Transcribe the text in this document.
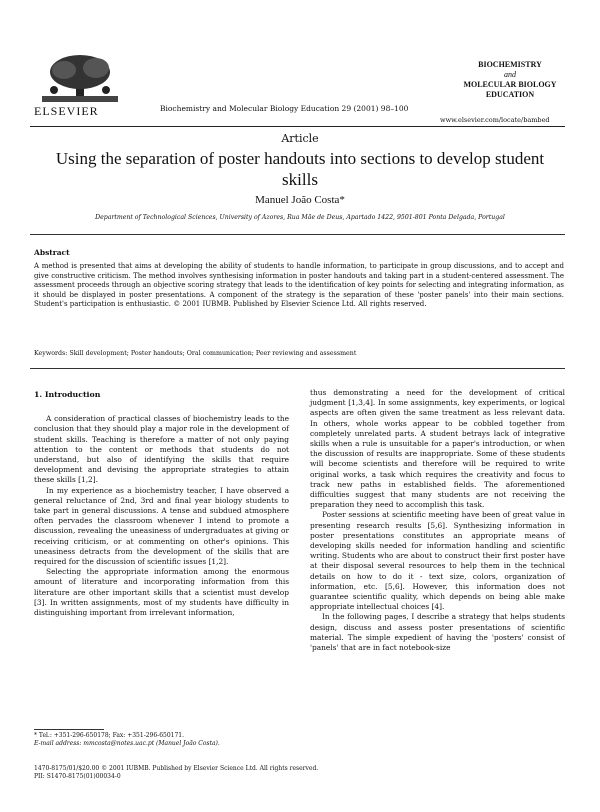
ELSEVIER	Biochemistry and Molecular Biology Education 29 (2001) 98–100
BIOCHEMISTRY
and
MOLECULAR BIOLOGY
EDUCATION
www.elsevier.com/locate/bambed
Article
Using the separation of poster handouts into sections to develop student skills
Manuel João Costa*
Department of Technological Sciences, University of Azores, Rua Mãe de Deus, Apartado 1422, 9501-801 Ponta Delgada, Portugal
Abstract
A method is presented that aims at developing the ability of students to handle information, to participate in group discussions, and to accept and give constructive criticism. The method involves synthesising information in poster handouts and taking part in a student-centered assessment. The assessment proceeds through an objective scoring strategy that leads to the identification of key points for selecting and integrating information, as it should be displayed in poster presentations. A component of the strategy is the separation of these 'poster panels' into their main sections. Student's participation is enthusiastic. © 2001 IUBMB. Published by Elsevier Science Ltd. All rights reserved.
Keywords: Skill development; Poster handouts; Oral communication; Peer reviewing and assessment

1. Introduction

A consideration of practical classes of biochemistry leads to the conclusion that they should play a major role in the development of student skills. Teaching is therefore a matter of not only paying attention to the content or methods that students do not understand, but also of identifying the skills that require development and devising the appropriate strategies to attain these skills [1,2].

In my experience as a biochemistry teacher, I have observed a general reluctance of 2nd, 3rd and final year biology students to take part in general discussions. A tense and subdued atmosphere often pervades the classroom whenever I intend to promote a discussion, revealing the uneasiness of undergraduates at giving or receiving criticism, or at commenting on other's opinions. This uneasiness detracts from the development of the skills that are required for the discussion of scientific issues [1,2].

Selecting the appropriate information among the enormous amount of literature and incorporating information from this literature are other important skills that a scientist must develop [3]. In written assignments, most of my students have difficulty in distinguishing important from irrelevant information,

thus demonstrating a need for the development of critical judgment [1,3,4]. In some assignments, key experiments, or logical aspects are often given the same treatment as less relevant data. In others, whole works appear to be cobbled together from completely unrelated parts. A student betrays lack of integrative skills when a rule is unsuitable for a paper's introduction, or when the discussion of results are inappropriate. Some of these students will become scientists and therefore will be required to write original works, a task which requires the creativity and focus to track new paths in established fields. The aforementioned difficulties suggest that many students are not receiving the preparation they need to accomplish this task.

Poster sessions at scientific meeting have been of great value in presenting research results [5,6]. Synthesizing information in poster presentations constitutes an appropriate means of developing skills needed for information handling and scientific writing. Students who are about to construct their first poster have at their disposal several resources to help them in the technical details on how to do it - text size, colors, organization of information, etc. [5,6]. However, this information does not guarantee scientific quality, which depends on being able make appropriate intellectual choices [4].

In the following pages, I describe a strategy that helps students design, discuss and assess poster presentations of scientific material. The simple expedient of having the 'posters' consist of 'panels' that are in fact notebook-size

* Tel.: +351-296-650178; Fax: +351-296-650171.
E-mail address: mmcosta@notes.uac.pt (Manuel João Costa).
1470-8175/01/$20.00 © 2001 IUBMB. Published by Elsevier Science Ltd. All rights reserved.
PII: S1470-8175(01)00034-0
